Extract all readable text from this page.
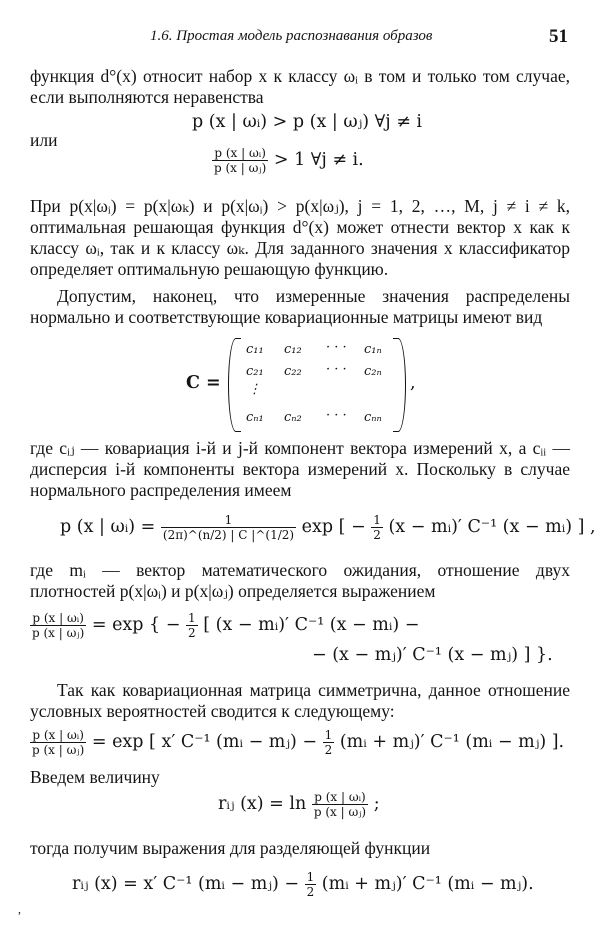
1.6. Простая модель распознавания образов	51
функция d°(x) относит набор x к классу ωᵢ в том и только том случае, если выполняются неравенства
p (x | ωᵢ) > p (x | ωⱼ) ∀j ≠ i
или
$\frac{\text{p (x | ωᵢ)}}{\text{p (x | ωⱼ)}} > 1$ ∀j ≠ i.
При p(x|ωᵢ) = p(x|ωₖ) и p(x|ωᵢ) > p(x|ωⱼ), j = 1, 2, …, M, j ≠ i ≠ k, оптимальная решающая функция d°(x) может отнести вектор x как к классу ωᵢ, так и к классу ωₖ. Для заданного значения x классификатор определяет оптимальную решающую функцию.
Допустим, наконец, что измеренные значения распределены нормально и соответствующие ковариационные матрицы имеют вид
C =
c₁₁ c₁₂ · · · c₁ₙ
c₂₁ c₂₂ · · · c₂ₙ
⋮
cₙ₁ cₙ₂ · · · cₙₙ
,
где cᵢⱼ — ковариация i-й и j-й компонент вектора измерений x, а cᵢᵢ — дисперсия i-й компоненты вектора измерений x. Поскольку в случае нормального распределения имеем
p (x | ωᵢ) = $\frac{1}{(2\pi)\^{}(n/2) | C |\^{}(1/2)}$ exp [ − $\frac{1}{2} (x$ − mᵢ)′ C⁻¹ (x − mᵢ) ] ,
где mᵢ — вектор математического ожидания, отношение двух плотностей p(x|ωᵢ) и p(x|ωⱼ) определяется выражением
$\frac{\text{p (x | ωᵢ)}}{\text{p (x | ωⱼ)}} = \exp$ { − $\frac{1}{2}$ [ (x − mᵢ)′ C⁻¹ (x − mᵢ) −
− (x − mⱼ)′ C⁻¹ (x − mⱼ) ] }.
Так как ковариационная матрица симметрична, данное отношение условных вероятностей сводится к следующему:
$\frac{\text{p (x | ωᵢ)}}{\text{p (x | ωⱼ)}} = \exp$ [ x′ C⁻¹ (mᵢ − mⱼ) − $\frac{1}{2}$ (mᵢ + mⱼ)′ C⁻¹ (mᵢ − mⱼ) ].
Введем величину
rᵢⱼ $(x) = \ln \frac{\text{p (x | ωᵢ)}}{\text{p (x | ωⱼ)}}$ ;
тогда получим выражения для разделяющей функции
rᵢⱼ (x) = x′ C⁻¹ (mᵢ − mⱼ) − $\frac{1}{2}$ (mᵢ + mⱼ)′ C⁻¹ (mᵢ − mⱼ).
,
